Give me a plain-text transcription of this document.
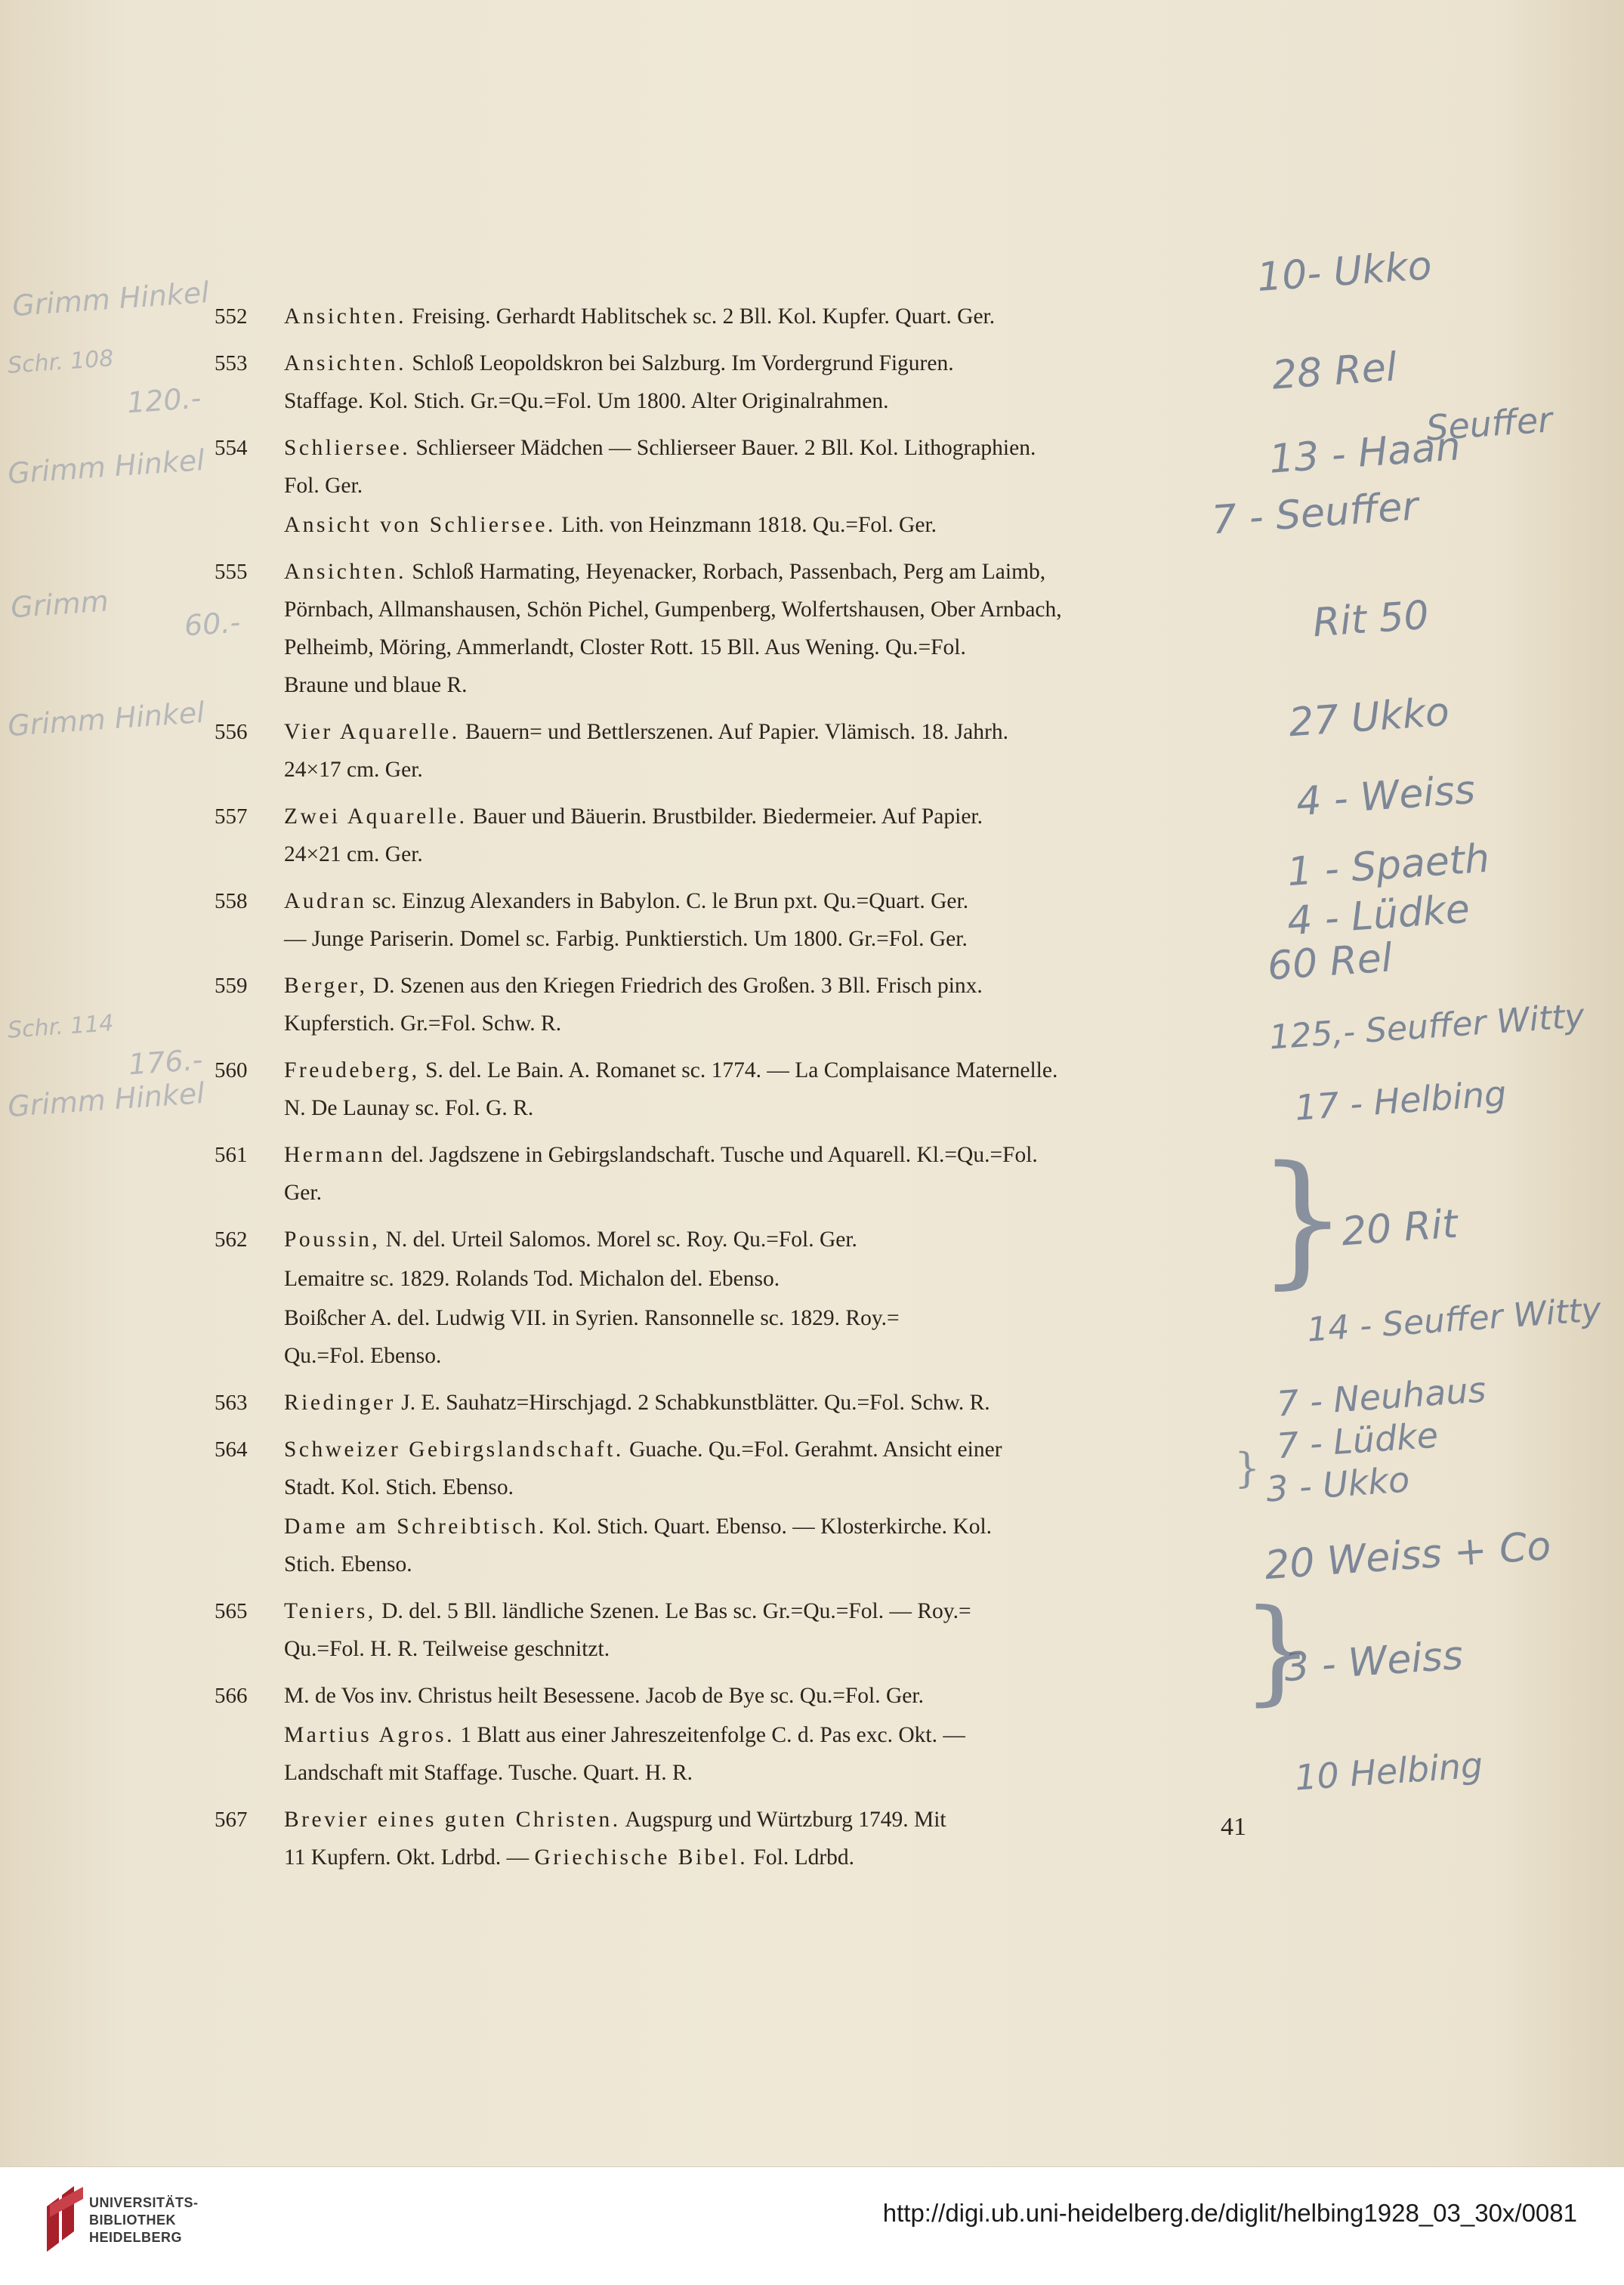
552	Ansichten. Freising. Gerhardt Hablitschek sc. 2 Bll. Kol. Kupfer. Quart. Ger.
553	Ansichten. Schloß Leopoldskron bei Salzburg. Im Vordergrund Figuren.
Staffage. Kol. Stich. Gr.=Qu.=Fol. Um 1800. Alter Originalrahmen.
554	Schliersee. Schlierseer Mädchen — Schlierseer Bauer. 2 Bll. Kol. Lithographien.
Fol. Ger.
Ansicht von Schliersee. Lith. von Heinzmann 1818. Qu.=Fol. Ger.
555	Ansichten. Schloß Harmating, Heyenacker, Rorbach, Passenbach, Perg am Laimb,
Pörnbach, Allmanshausen, Schön Pichel, Gumpenberg, Wolfertshausen, Ober Arnbach,
Pelheimb, Möring, Ammerlandt, Closter Rott. 15 Bll. Aus Wening. Qu.=Fol.
Braune und blaue R.
556	Vier Aquarelle. Bauern= und Bettlerszenen. Auf Papier. Vlämisch. 18. Jahrh.
24×17 cm. Ger.
557	Zwei Aquarelle. Bauer und Bäuerin. Brustbilder. Biedermeier. Auf Papier.
24×21 cm. Ger.
558	Audran sc. Einzug Alexanders in Babylon. C. le Brun pxt. Qu.=Quart. Ger.
— Junge Pariserin. Domel sc. Farbig. Punktierstich. Um 1800. Gr.=Fol. Ger.
559	Berger, D. Szenen aus den Kriegen Friedrich des Großen. 3 Bll. Frisch pinx.
Kupferstich. Gr.=Fol. Schw. R.
560	Freudeberg, S. del. Le Bain. A. Romanet sc. 1774. — La Complaisance Maternelle.
N. De Launay sc. Fol. G. R.
561	Hermann del. Jagdszene in Gebirgslandschaft. Tusche und Aquarell. Kl.=Qu.=Fol.
Ger.
562	Poussin, N. del. Urteil Salomos. Morel sc. Roy. Qu.=Fol. Ger.
Lemaitre sc. 1829. Rolands Tod. Michalon del. Ebenso.
Boißcher A. del. Ludwig VII. in Syrien. Ransonnelle sc. 1829. Roy.=
Qu.=Fol. Ebenso.
563	Riedinger J. E. Sauhatz=Hirschjagd. 2 Schabkunstblätter. Qu.=Fol. Schw. R.
564	Schweizer Gebirgslandschaft. Guache. Qu.=Fol. Gerahmt. Ansicht einer
Stadt. Kol. Stich. Ebenso.
Dame am Schreibtisch. Kol. Stich. Quart. Ebenso. — Klosterkirche. Kol.
Stich. Ebenso.
565	Teniers, D. del. 5 Bll. ländliche Szenen. Le Bas sc. Gr.=Qu.=Fol. — Roy.=
Qu.=Fol. H. R. Teilweise geschnitzt.
566	M. de Vos inv. Christus heilt Besessene. Jacob de Bye sc. Qu.=Fol. Ger.
Martius Agros. 1 Blatt aus einer Jahreszeitenfolge C. d. Pas exc. Okt. —
Landschaft mit Staffage. Tusche. Quart. H. R.
567	Brevier eines guten Christen. Augspurg und Würtzburg 1749. Mit
11 Kupfern. Okt. Ldrbd. — Griechische Bibel. Fol. Ldrbd.
Grimm Hinkel
Schr. 108
120.-
Grimm Hinkel
Grimm	60.-
Grimm Hinkel
Schr. 114
176.-
Grimm Hinkel
10- Ukko
28 Rel
Seuffer
13 - Haan
7 - Seuffer
Rit 50
27 Ukko
4 - Weiss
1 - Spaeth
4 - Lüdke
60 Rel
125,- Seuffer Witty
17 - Helbing
20 Rit
14 - Seuffer Witty
7 - Neuhaus
7 - Lüdke
3 - Ukko
20 Weiss + Co
3 - Weiss
10 Helbing
}
}
}
41
UNIVERSITÄTS-
BIBLIOTHEK
HEIDELBERG
http://digi.ub.uni-heidelberg.de/diglit/helbing1928_03_30x/0081
